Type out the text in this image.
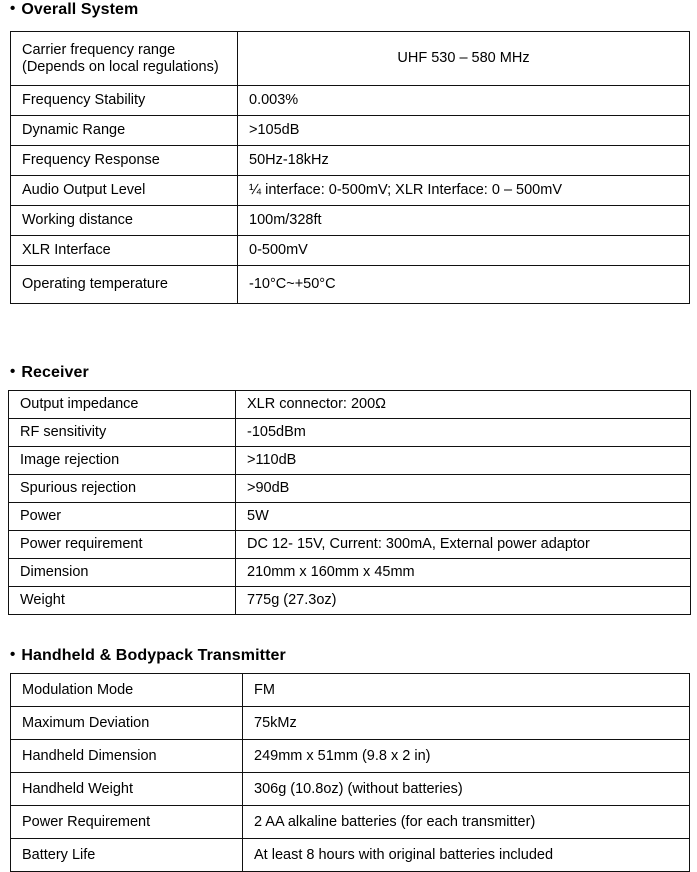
• Overall System
Carrier frequency range
(Depends on local regulations)	UHF 530 – 580 MHz
Frequency Stability	0.003%
Dynamic Range	>105dB
Frequency Response	50Hz-18kHz
Audio Output Level	¼ interface: 0-500mV; XLR Interface: 0 – 500mV
Working distance	100m/328ft
XLR Interface	0-500mV
Operating temperature	-10°C~+50°C
• Receiver
Output impedance	XLR connector: 200Ω
RF sensitivity	-105dBm
Image rejection	>110dB
Spurious rejection	>90dB
Power	5W
Power requirement	DC 12- 15V, Current: 300mA, External power adaptor
Dimension	210mm x 160mm x 45mm
Weight	775g (27.3oz)
• Handheld & Bodypack Transmitter
Modulation Mode	FM
Maximum Deviation	75kMz
Handheld Dimension	249mm x 51mm (9.8 x 2 in)
Handheld Weight	306g (10.8oz) (without batteries)
Power Requirement	2 AA alkaline batteries (for each transmitter)
Battery Life	At least 8 hours with original batteries included
